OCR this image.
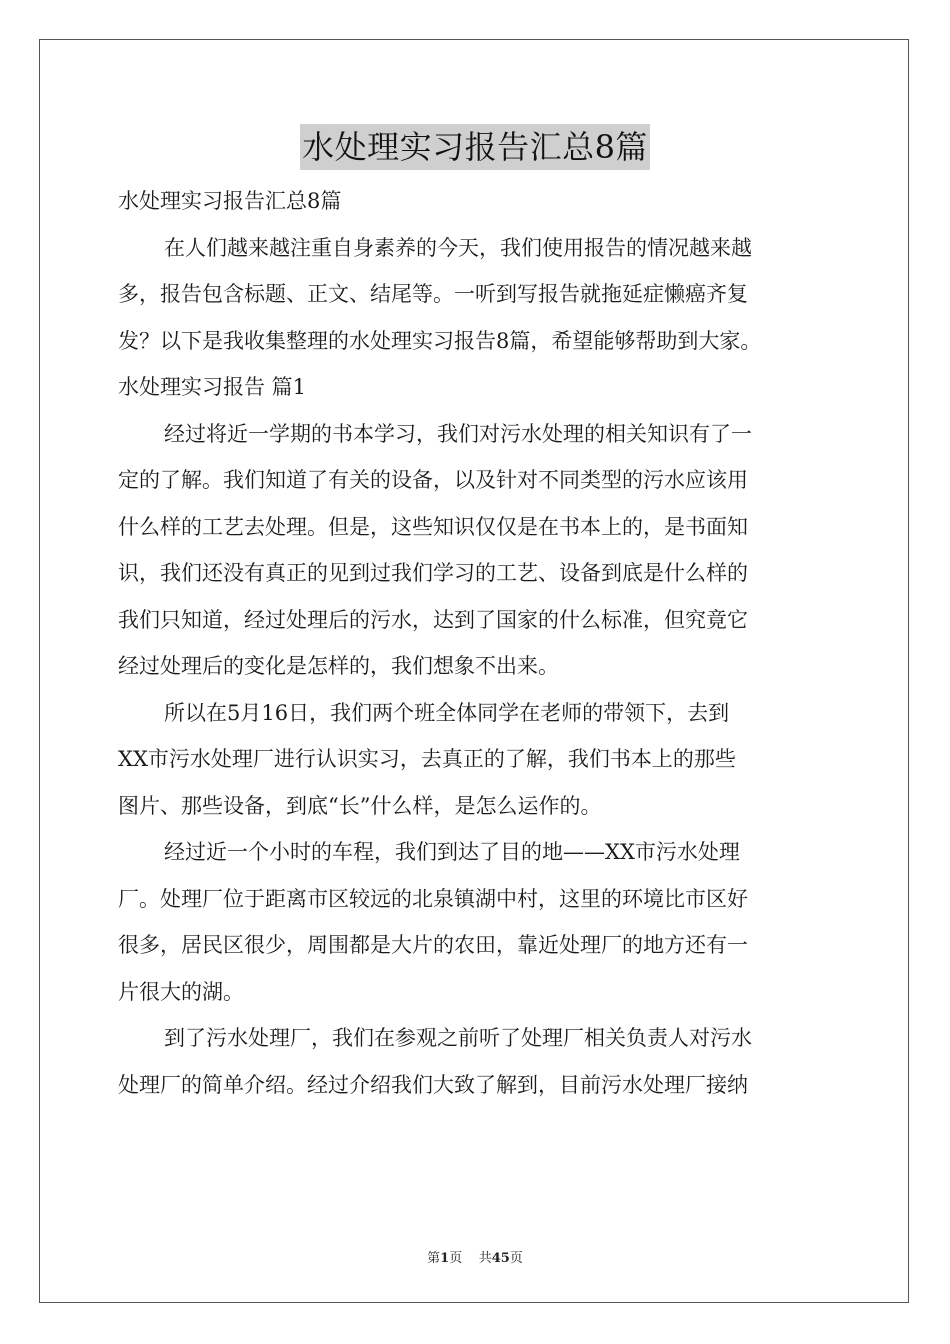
水处理实习报告汇总8篇
水处理实习报告汇总8篇
在人们越来越注重自身素养的今天，我们使用报告的情况越来越
多，报告包含标题、正文、结尾等。一听到写报告就拖延症懒癌齐复
发？以下是我收集整理的水处理实习报告8篇，希望能够帮助到大家。
水处理实习报告 篇1
经过将近一学期的书本学习，我们对污水处理的相关知识有了一
定的了解。我们知道了有关的设备，以及针对不同类型的污水应该用
什么样的工艺去处理。但是，这些知识仅仅是在书本上的，是书面知
识，我们还没有真正的见到过我们学习的工艺、设备到底是什么样的
我们只知道，经过处理后的污水，达到了国家的什么标准，但究竟它
经过处理后的变化是怎样的，我们想象不出来。
所以在5月16日，我们两个班全体同学在老师的带领下，去到
XX市污水处理厂进行认识实习，去真正的了解，我们书本上的那些
图片、那些设备，到底“长”什么样，是怎么运作的。
经过近一个小时的车程，我们到达了目的地——XX市污水处理
厂。处理厂位于距离市区较远的北泉镇湖中村，这里的环境比市区好
很多，居民区很少，周围都是大片的农田，靠近处理厂的地方还有一
片很大的湖。
到了污水处理厂，我们在参观之前听了处理厂相关负责人对污水
处理厂的简单介绍。经过介绍我们大致了解到，目前污水处理厂接纳
第1页 共45页
